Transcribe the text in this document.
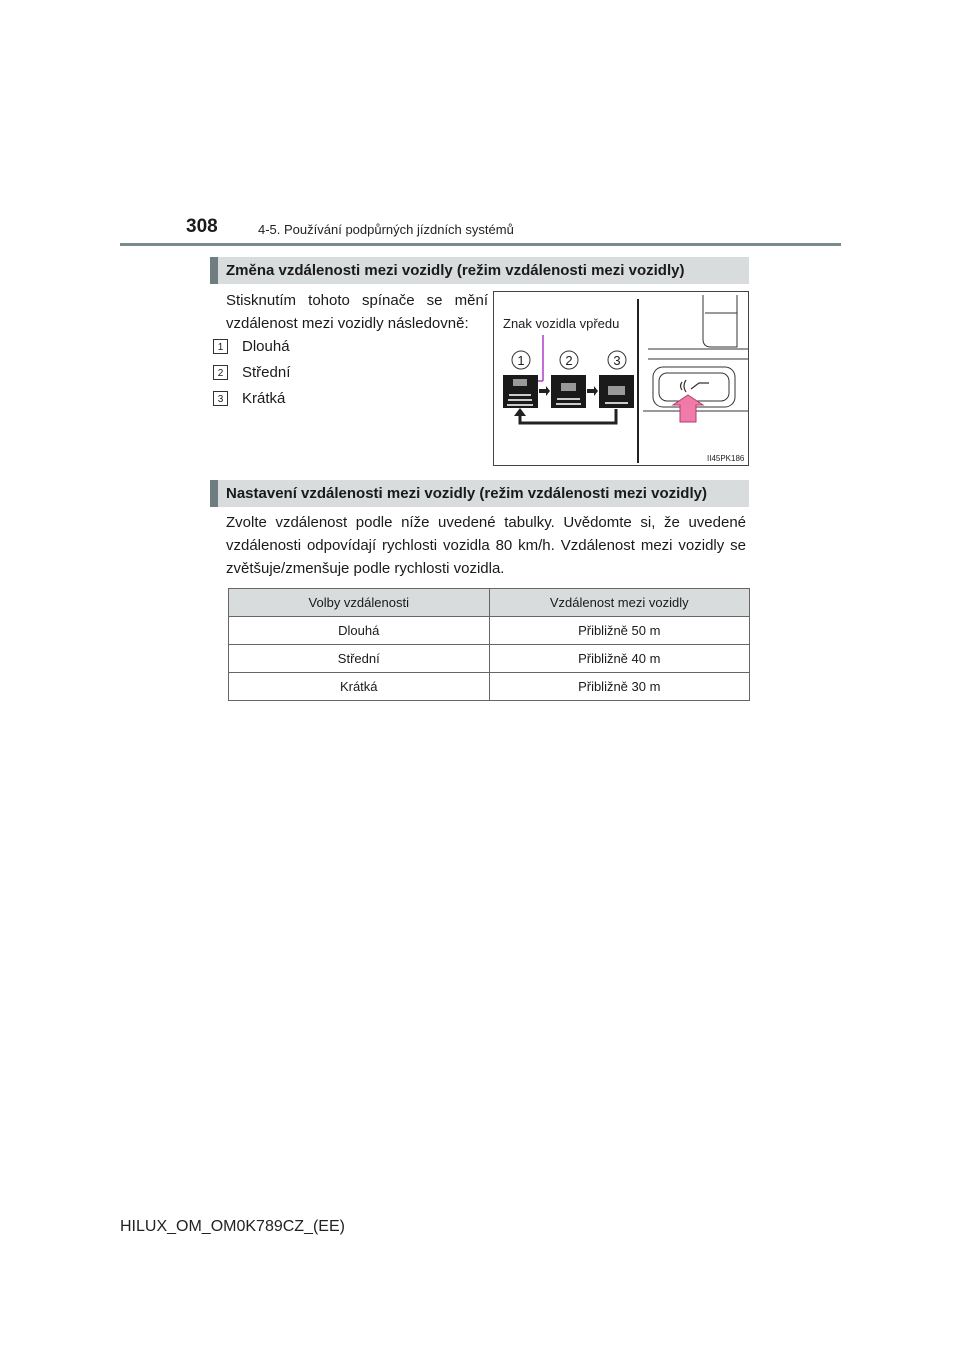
308	4-5. Používání podpůrných jízdních systémů
Změna vzdálenosti mezi vozidly (režim vzdálenosti mezi vozidly)
Stisknutím tohoto spínače se mění
vzdálenost mezi vozidly následovně:
1	Dlouhá
2	Střední
3	Krátká
Znak vozidla vpředu
1	2	3
II45PK186
Nastavení vzdálenosti mezi vozidly (režim vzdálenosti mezi vozidly)
Zvolte vzdálenost podle níže uvedené tabulky. Uvědomte si, že uvedené vzdálenosti odpovídají rychlosti vozidla 80 km/h. Vzdálenost mezi vozidly se zvětšuje/zmenšuje podle rychlosti vozidla.
Volby vzdálenosti	Vzdálenost mezi vozidly
Dlouhá	Přibližně 50 m
Střední	Přibližně 40 m
Krátká	Přibližně 30 m
HILUX_OM_OM0K789CZ_(EE)
